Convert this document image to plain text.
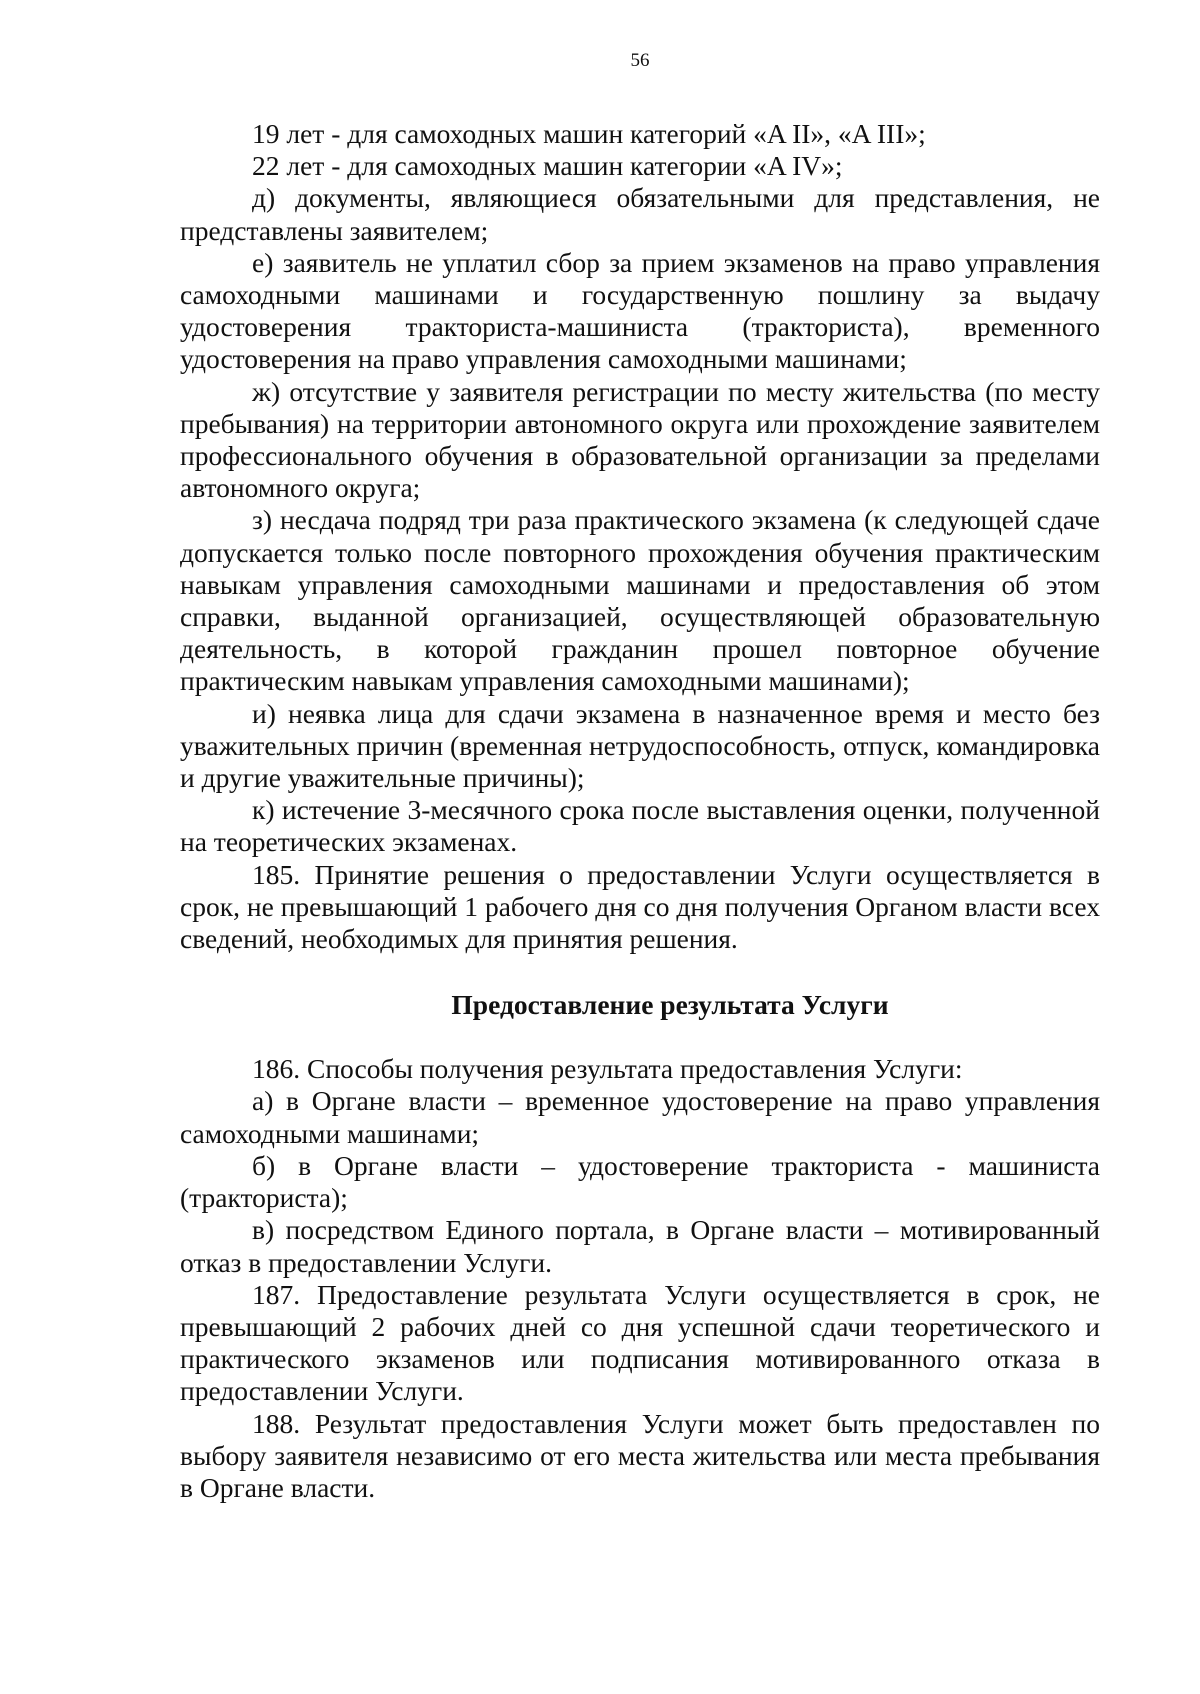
56

19 лет - для самоходных машин категорий «A II», «A III»;

22 лет - для самоходных машин категории «A IV»;

д) документы, являющиеся обязательными для представления, не представлены заявителем;

е) заявитель не уплатил сбор за прием экзаменов на право управления самоходными машинами и государственную пошлину за выдачу удостоверения тракториста-машиниста (тракториста), временного удостоверения на право управления самоходными машинами;

ж) отсутствие у заявителя регистрации по месту жительства (по месту пребывания) на территории автономного округа или прохождение заявителем профессионального обучения в образовательной организации за пределами автономного округа;

з) несдача подряд три раза практического экзамена (к следующей сдаче допускается только после повторного прохождения обучения практическим навыкам управления самоходными машинами и предоставления об этом справки, выданной организацией, осуществляющей образовательную деятельность, в которой гражданин прошел повторное обучение практическим навыкам управления самоходными машинами);

и) неявка лица для сдачи экзамена в назначенное время и место без уважительных причин (временная нетрудоспособность, отпуск, командировка и другие уважительные причины);

к) истечение 3-месячного срока после выставления оценки, полученной на теоретических экзаменах.

185. Принятие решения о предоставлении Услуги осуществляется в срок, не превышающий 1 рабочего дня со дня получения Органом власти всех сведений, необходимых для принятия решения.

Предоставление результата Услуги

186. Способы получения результата предоставления Услуги:

а) в Органе власти – временное удостоверение на право управления самоходными машинами;

б) в Органе власти – удостоверение тракториста - машиниста (тракториста);

в) посредством Единого портала, в Органе власти – мотивированный отказ в предоставлении Услуги.

187. Предоставление результата Услуги осуществляется в срок, не превышающий 2 рабочих дней со дня успешной сдачи теоретического и практического экзаменов или подписания мотивированного отказа в предоставлении Услуги.

188. Результат предоставления Услуги может быть предоставлен по выбору заявителя независимо от его места жительства или места пребывания в Органе власти.
